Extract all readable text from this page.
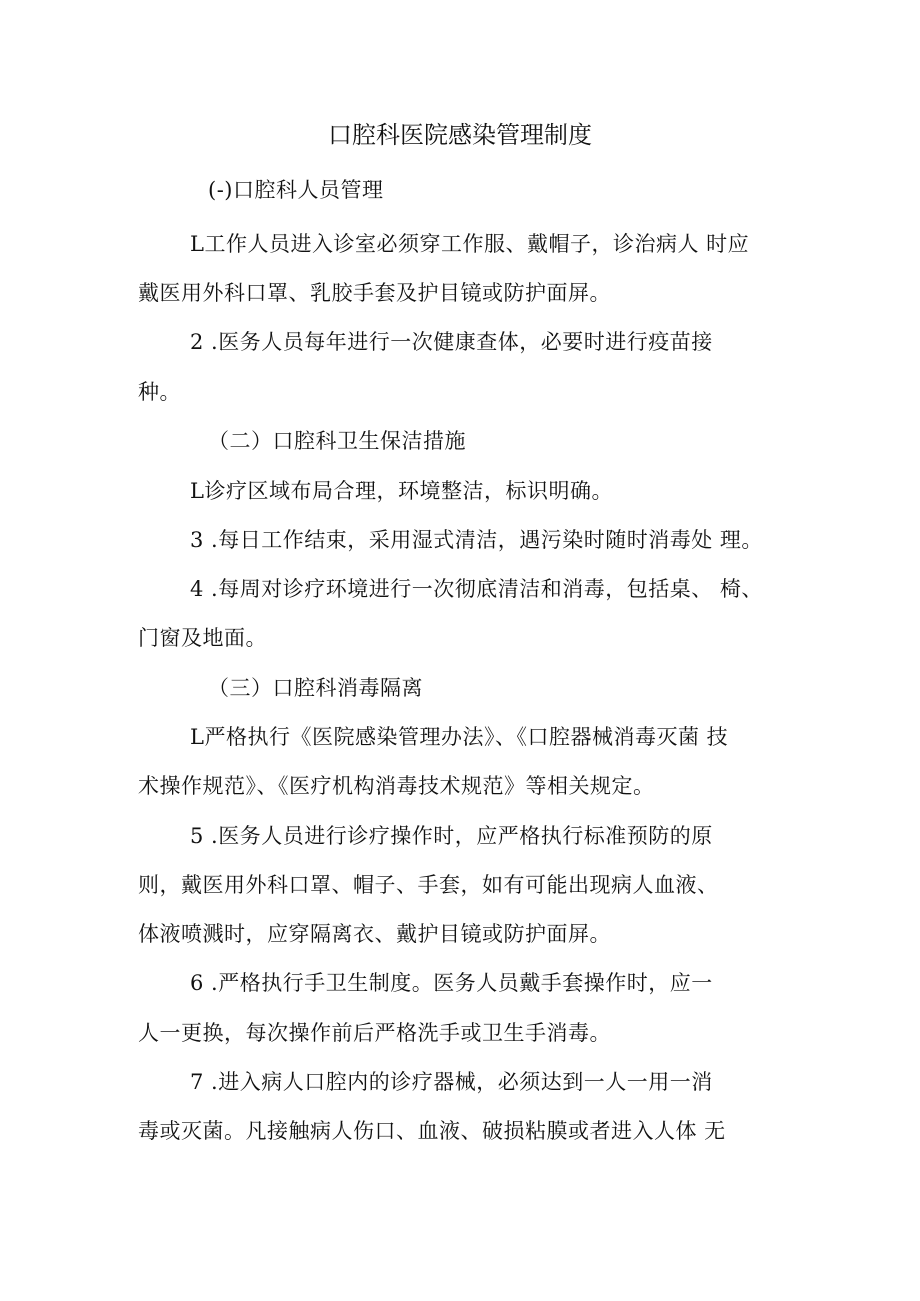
口腔科医院感染管理制度
(-)口腔科人员管理
L工作人员进入诊室必须穿工作服、戴帽子，诊治病人 时应
戴医用外科口罩、乳胶手套及护目镜或防护面屏。
2 .医务人员每年进行一次健康查体，必要时进行疫苗接
种。
（二）口腔科卫生保洁措施
L诊疗区域布局合理，环境整洁，标识明确。
3 .每日工作结束，采用湿式清洁，遇污染时随时消毒处 理。
4 .每周对诊疗环境进行一次彻底清洁和消毒，包括桌、 椅、
门窗及地面。
（三）口腔科消毒隔离
L严格执行《医院感染管理办法》、《口腔器械消毒灭菌 技
术操作规范》、《医疗机构消毒技术规范》等相关规定。
5 .医务人员进行诊疗操作时，应严格执行标准预防的原
则，戴医用外科口罩、帽子、手套，如有可能出现病人血液、
体液喷溅时，应穿隔离衣、戴护目镜或防护面屏。
6 .严格执行手卫生制度。医务人员戴手套操作时，应一
人一更换，每次操作前后严格洗手或卫生手消毒。
7 .进入病人口腔内的诊疗器械，必须达到一人一用一消
毒或灭菌。凡接触病人伤口、血液、破损粘膜或者进入人体 无
